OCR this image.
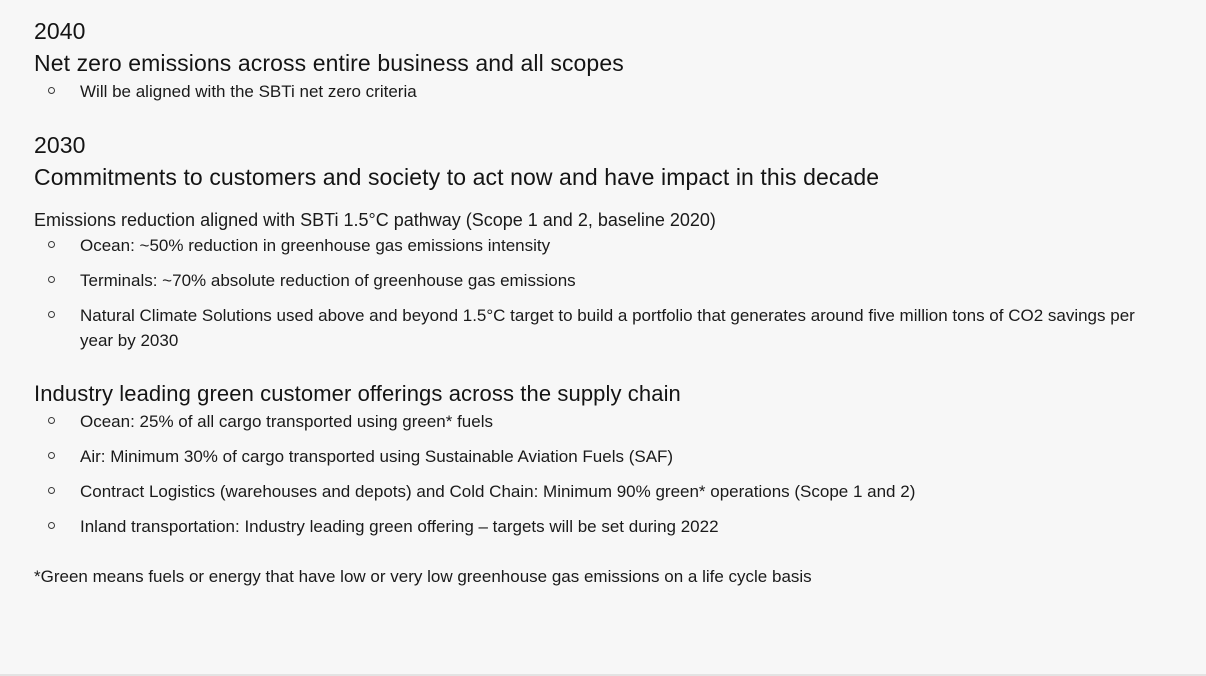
2040
Net zero emissions across entire business and all scopes
Will be aligned with the SBTi net zero criteria
2030
Commitments to customers and society to act now and have impact in this decade
Emissions reduction aligned with SBTi 1.5°C pathway (Scope 1 and 2, baseline 2020)
Ocean: ~50% reduction in greenhouse gas emissions intensity
Terminals: ~70% absolute reduction of greenhouse gas emissions
Natural Climate Solutions used above and beyond 1.5°C target to build a portfolio that generates around five million tons of CO2 savings per year by 2030
Industry leading green customer offerings across the supply chain
Ocean: 25% of all cargo transported using green* fuels
Air: Minimum 30% of cargo transported using Sustainable Aviation Fuels (SAF)
Contract Logistics (warehouses and depots) and Cold Chain: Minimum 90% green* operations (Scope 1 and 2)
Inland transportation: Industry leading green offering – targets will be set during 2022
*Green means fuels or energy that have low or very low greenhouse gas emissions on a life cycle basis
